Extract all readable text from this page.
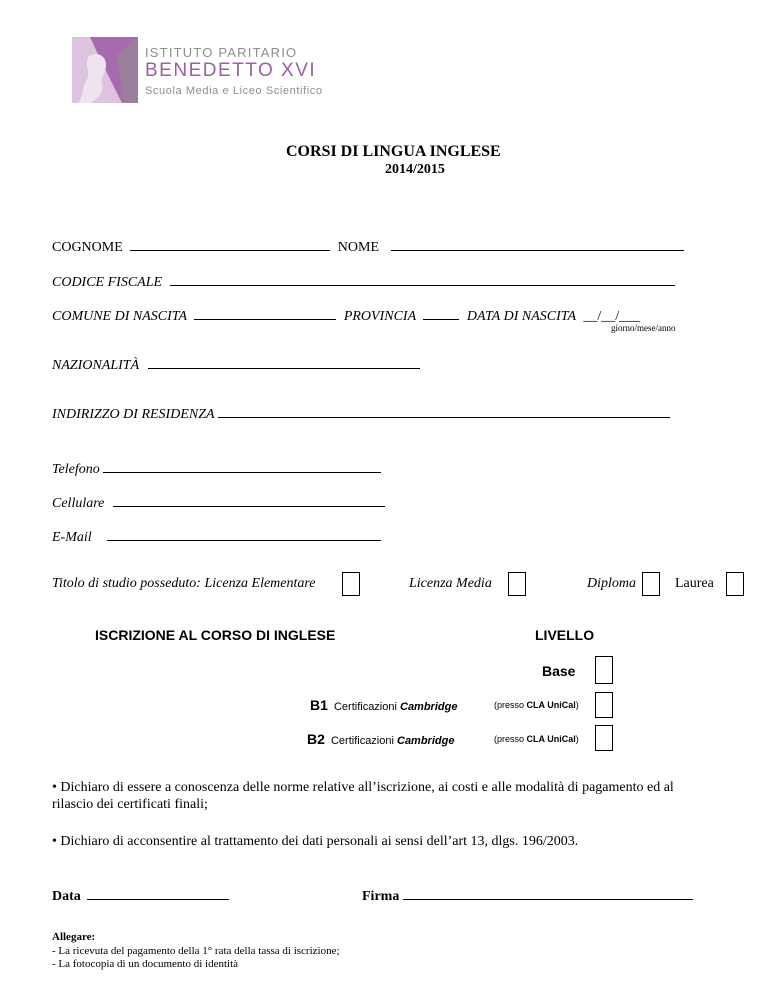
ISTITUTO PARITARIO
BENEDETTO XVI
Scuola Media e Liceo Scientifico
CORSI DI LINGUA INGLESE
2014/2015
COGNOME	NOME
CODICE FISCALE
COMUNE DI NASCITA	PROVINCIA	DATA DI NASCITA __/__/___
giorno/mese/anno
NAZIONALITÀ
INDIRIZZO DI RESIDENZA
Telefono
Cellulare
E-Mail
Titolo di studio posseduto: Licenza Elementare	Licenza Media	Diploma	Laurea
ISCRIZIONE AL CORSO DI INGLESE	LIVELLO
Base
B1 Certificazioni Cambridge	(presso CLA UniCal)
B2 Certificazioni Cambridge	(presso CLA UniCal)
• Dichiaro di essere a conoscenza delle norme relative all’iscrizione, ai costi e alle modalità di pagamento ed al
rilascio dei certificati finali;
• Dichiaro di acconsentire al trattamento dei dati personali ai sensi dell’art 13, dlgs. 196/2003.
Data	Firma
Allegare:
- La ricevuta del pagamento della 1° rata della tassa di iscrizione;
- La fotocopia di un documento di identità
